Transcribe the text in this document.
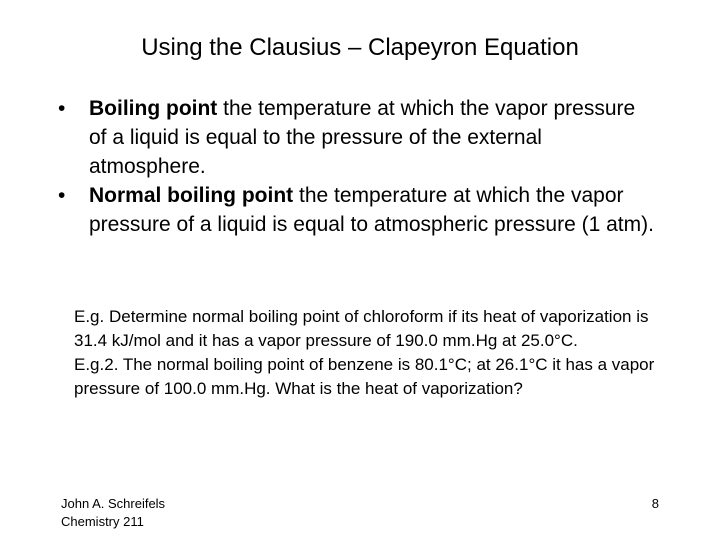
Using the Clausius – Clapeyron Equation
• Boiling point the temperature at which the vapor pressure of a liquid is equal to the pressure of the external atmosphere.
• Normal boiling point the temperature at which the vapor pressure of a liquid is equal to atmospheric pressure (1 atm).

E.g. Determine normal boiling point of chloroform if its heat of vaporization is 31.4 kJ/mol and it has a vapor pressure of 190.0 mm.Hg at 25.0°C.

E.g.2. The normal boiling point of benzene is 80.1°C; at 26.1°C it has a vapor pressure of 100.0 mm.Hg. What is the heat of vaporization?

John A. Schreifels
Chemistry 211
8
